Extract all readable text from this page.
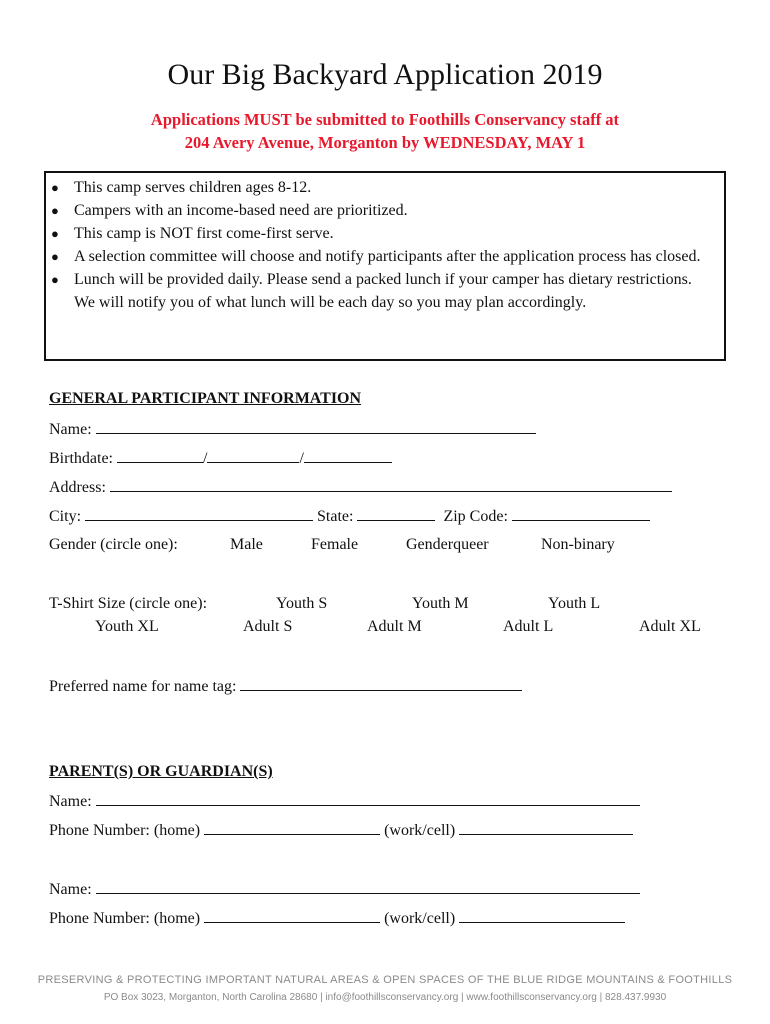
Our Big Backyard Application 2019
Applications MUST be submitted to Foothills Conservancy staff at
204 Avery Avenue, Morganton by WEDNESDAY, MAY 1
● This camp serves children ages 8-12.
● Campers with an income-based need are prioritized.
● This camp is NOT first come-first serve.
● A selection committee will choose and notify participants after the application process has closed.
● Lunch will be provided daily. Please send a packed lunch if your camper has dietary restrictions. We will notify you of what lunch will be each day so you may plan accordingly.
GENERAL PARTICIPANT INFORMATION
Name:
Birthdate:	/	/
Address:
City:	State:	Zip Code:
Gender (circle one):	Male	Female	Genderqueer	Non-binary
T-Shirt Size (circle one):	Youth S	Youth M	Youth L
Youth XL	Adult S	Adult M	Adult L	Adult XL
Preferred name for name tag:
PARENT(S) OR GUARDIAN(S)
Name:
Phone Number: (home)	(work/cell)
Name:
Phone Number: (home)	(work/cell)
PRESERVING & PROTECTING IMPORTANT NATURAL AREAS & OPEN SPACES OF THE BLUE RIDGE MOUNTAINS & FOOTHILLS
PO Box 3023, Morganton, North Carolina 28680 | info@foothillsconservancy.org | www.foothillsconservancy.org | 828.437.9930
